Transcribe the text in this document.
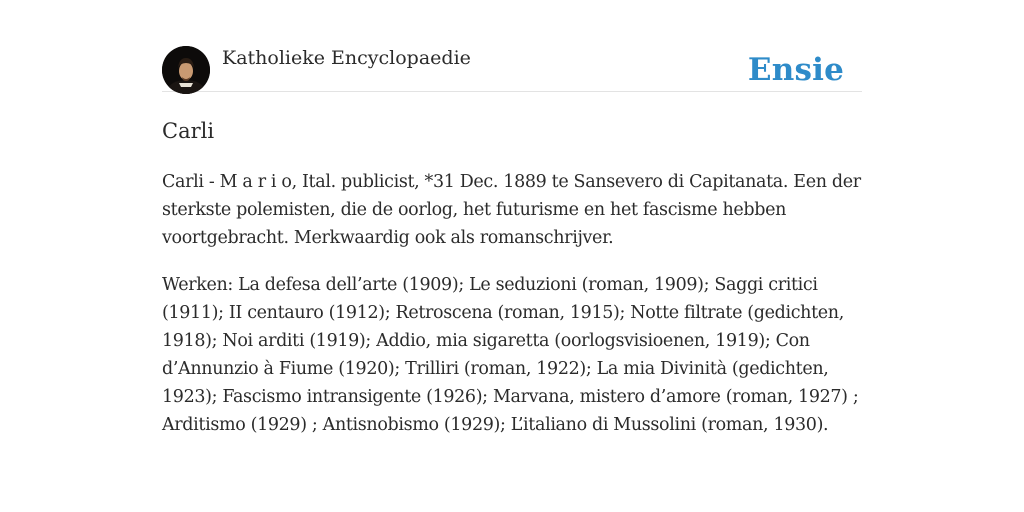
Katholieke Encyclopaedie	Ensie
Carli

Carli - M a r i o, Ital. publicist, *31 Dec. 1889 te Sansevero di Capitanata. Een der sterkste polemisten, die de oorlog, het futurisme en het fascisme hebben voortgebracht. Merkwaardig ook als romanschrijver.

Werken: La defesa dell’arte (1909); Le seduzioni (roman, 1909); Saggi critici (1911); II centauro (1912); Retroscena (roman, 1915); Notte filtrate (gedichten, 1918); Noi arditi (1919); Addio, mia sigaretta (oorlogsvisioenen, 1919); Con d’Annunzio à Fiume (1920); Trilliri (roman, 1922); La mia Divinità (gedichten, 1923); Fascismo intransigente (1926); Marvana, mistero d’amore (roman, 1927) ; Arditismo (1929) ; Antisnobismo (1929); L’italiano di Mussolini (roman, 1930).
